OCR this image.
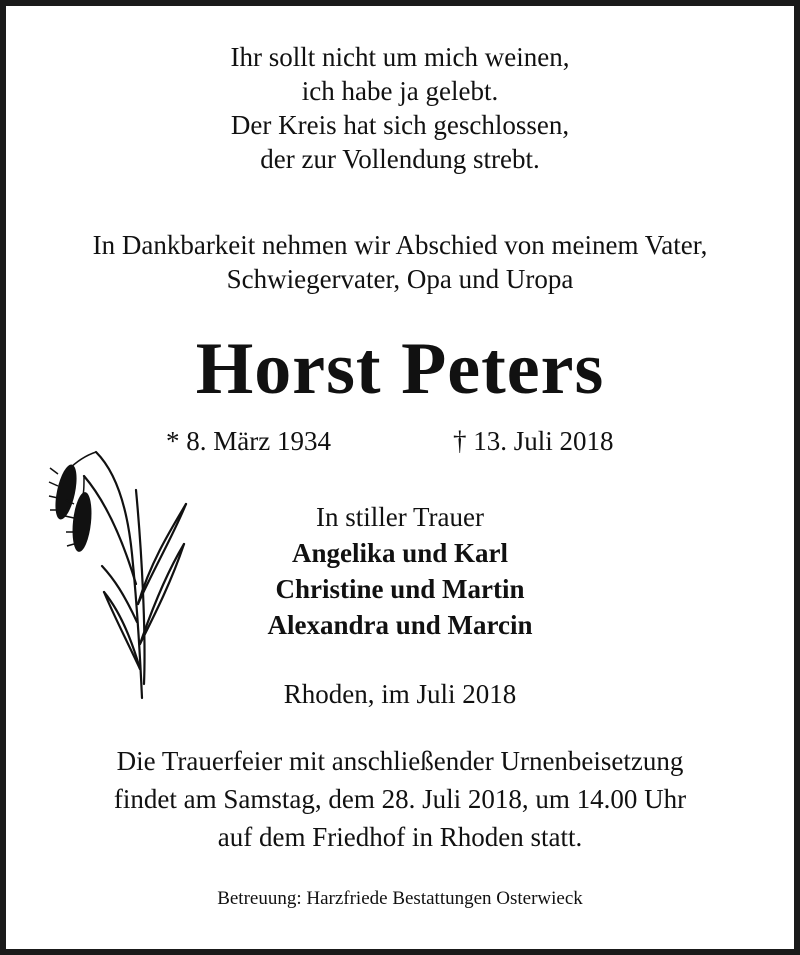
Ihr sollt nicht um mich weinen,
ich habe ja gelebt.
Der Kreis hat sich geschlossen,
der zur Vollendung strebt.
In Dankbarkeit nehmen wir Abschied von meinem Vater,
Schwiegervater, Opa und Uropa
Horst Peters
* 8. März 1934	† 13. Juli 2018
In stiller Trauer
Angelika und Karl
Christine und Martin
Alexandra und Marcin
Rhoden, im Juli 2018
Die Trauerfeier mit anschließender Urnenbeisetzung
findet am Samstag, dem 28. Juli 2018, um 14.00 Uhr
auf dem Friedhof in Rhoden statt.
Betreuung: Harzfriede Bestattungen Osterwieck
